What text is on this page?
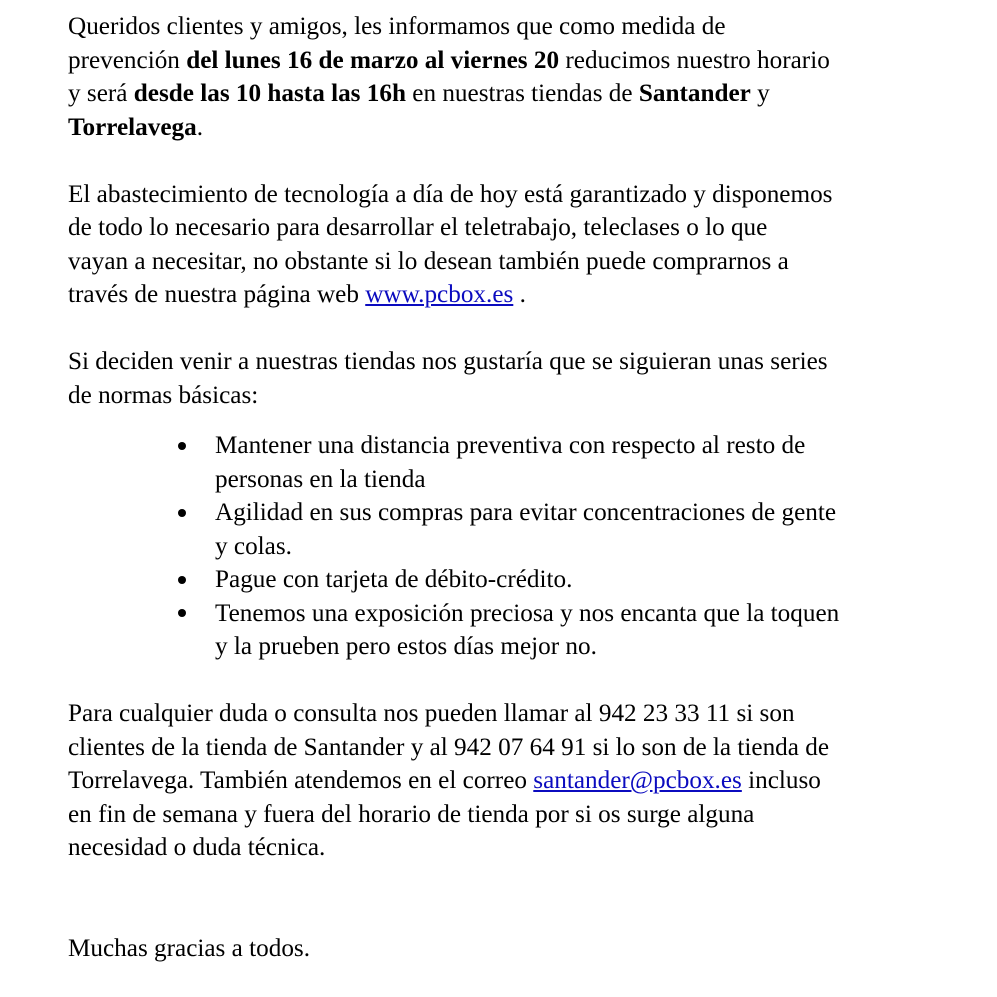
Queridos clientes y amigos, les informamos que como medida de
prevención del lunes 16 de marzo al viernes 20 reducimos nuestro horario
y será desde las 10 hasta las 16h en nuestras tiendas de Santander y
Torrelavega.
El abastecimiento de tecnología a día de hoy está garantizado y disponemos
de todo lo necesario para desarrollar el teletrabajo, teleclases o lo que
vayan a necesitar, no obstante si lo desean también puede comprarnos a
través de nuestra página web www.pcbox.es .
Si deciden venir a nuestras tiendas nos gustaría que se siguieran unas series
de normas básicas:
Mantener una distancia preventiva con respecto al resto de
personas en la tienda
Agilidad en sus compras para evitar concentraciones de gente
y colas.
Pague con tarjeta de débito-crédito.
Tenemos una exposición preciosa y nos encanta que la toquen
y la prueben pero estos días mejor no.
Para cualquier duda o consulta nos pueden llamar al 942 23 33 11 si son
clientes de la tienda de Santander y al 942 07 64 91 si lo son de la tienda de
Torrelavega. También atendemos en el correo santander@pcbox.es incluso
en fin de semana y fuera del horario de tienda por si os surge alguna
necesidad o duda técnica.
Muchas gracias a todos.
